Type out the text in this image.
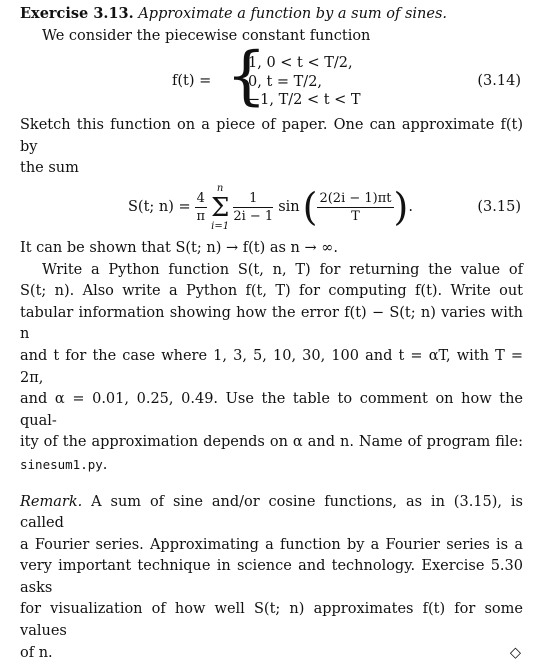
Exercise 3.13. Approximate a function by a sum of sines.

We consider the piecewise constant function

f(t) = {
1, 0 < t < T/2,
0, t = T/2,
−1, T/2 < t < T
(3.14)

Sketch this function on a piece of paper. One can approximate f(t) by

the sum

S(t; $n) = \frac{4}{\pi}$
n
Σ
i=1
$\frac{1}{2i - 1}$ sin ( $\frac{2(2i - 1)\pi t}{T}$ ) .	(3.15)

It can be shown that S(t; n) → f(t) as n → ∞.

Write a Python function S(t, n, T) for returning the value of

S(t; n). Also write a Python f(t, T) for computing f(t). Write out

tabular information showing how the error f(t) − S(t; n) varies with n

and t for the case where 1, 3, 5, 10, 30, 100 and t = αT, with T = 2π,

and α = 0.01, 0.25, 0.49. Use the table to comment on how the qual-

ity of the approximation depends on α and n. Name of program file:

sinesum1.py.

Remark. A sum of sine and/or cosine functions, as in (3.15), is called

a Fourier series. Approximating a function by a Fourier series is a

very important technique in science and technology. Exercise 5.30 asks

for visualization of how well S(t; n) approximates f(t) for some values

of n.	◇
